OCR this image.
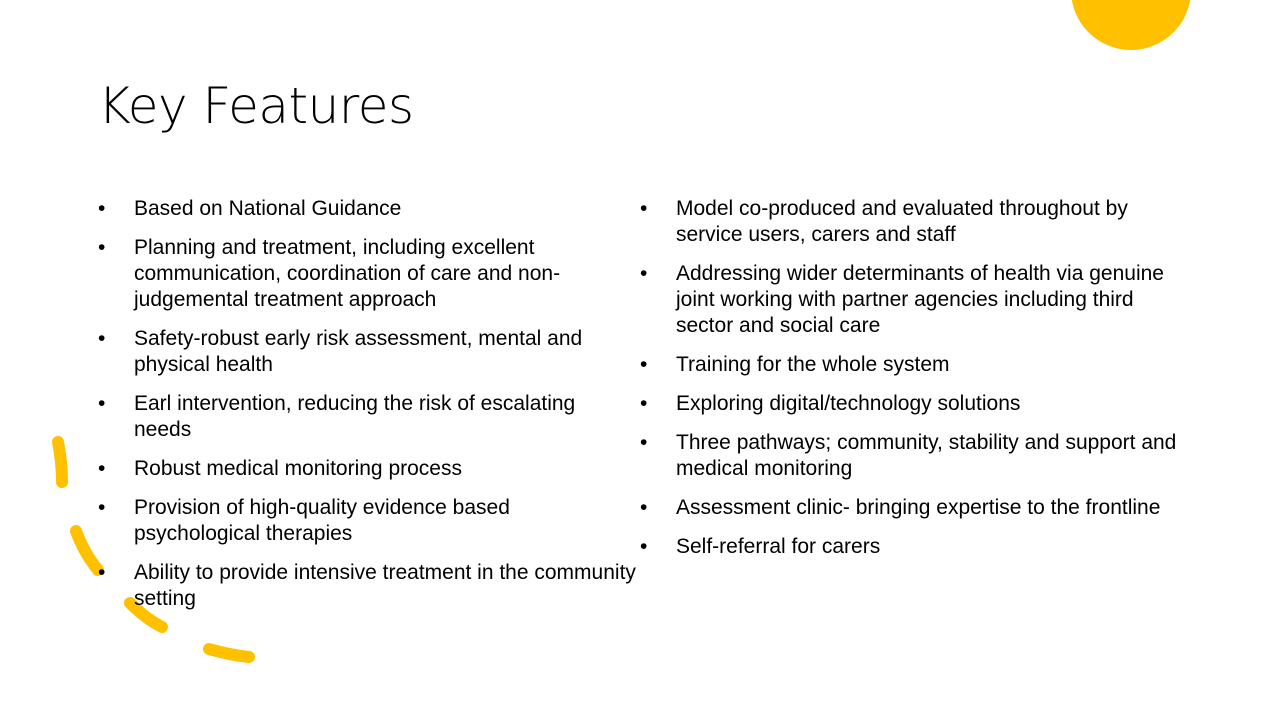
Key Features
• Based on National Guidance
• Planning and treatment, including excellent communication, coordination of care and non-judgemental treatment approach
• Safety-robust early risk assessment, mental and physical health
• Earl intervention, reducing the risk of escalating needs
• Robust medical monitoring process
• Provision of high-quality evidence based psychological therapies
• Ability to provide intensive treatment in the community setting
• Model co-produced and evaluated throughout by service users, carers and staff
• Addressing wider determinants of health via genuine joint working with partner agencies including third sector and social care
• Training for the whole system
• Exploring digital/technology solutions
• Three pathways; community, stability and support and medical monitoring
• Assessment clinic- bringing expertise to the frontline
• Self-referral for carers
